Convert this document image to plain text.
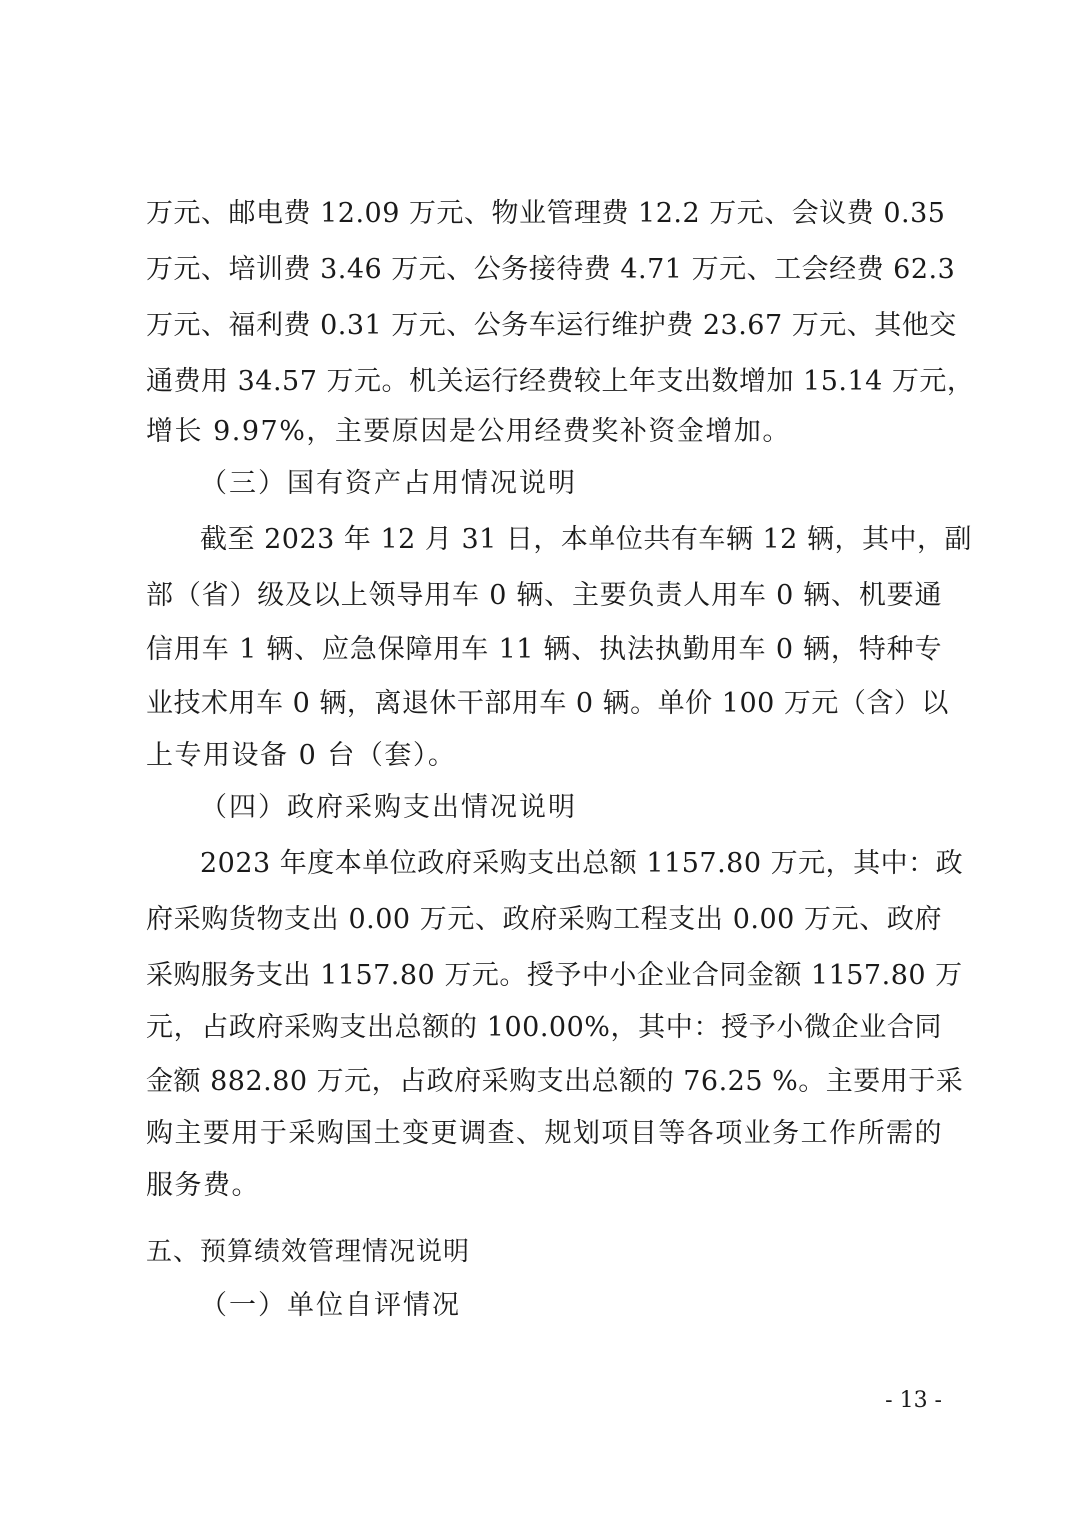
万元、邮电费 12.09 万元、物业管理费 12.2 万元、会议费 0.35
万元、培训费 3.46 万元、公务接待费 4.71 万元、工会经费 62.3
万元、福利费 0.31 万元、公务车运行维护费 23.67 万元、其他交
通费用 34.57 万元。机关运行经费较上年支出数增加 15.14 万元，
增长 9.97%，主要原因是公用经费奖补资金增加。
（三）国有资产占用情况说明
截至 2023 年 12 月 31 日，本单位共有车辆 12 辆，其中，副
部（省）级及以上领导用车 0 辆、主要负责人用车 0 辆、机要通
信用车 1 辆、应急保障用车 11 辆、执法执勤用车 0 辆，特种专
业技术用车 0 辆，离退休干部用车 0 辆。单价 100 万元（含）以
上专用设备 0 台（套）。
（四）政府采购支出情况说明
2023 年度本单位政府采购支出总额 1157.80 万元，其中：政
府采购货物支出 0.00 万元、政府采购工程支出 0.00 万元、政府
采购服务支出 1157.80 万元。授予中小企业合同金额 1157.80 万
元，占政府采购支出总额的 100.00%，其中：授予小微企业合同
金额 882.80 万元，占政府采购支出总额的 76.25 %。主要用于采
购主要用于采购国土变更调查、规划项目等各项业务工作所需的
服务费。
五、预算绩效管理情况说明
（一）单位自评情况
- 13 -
